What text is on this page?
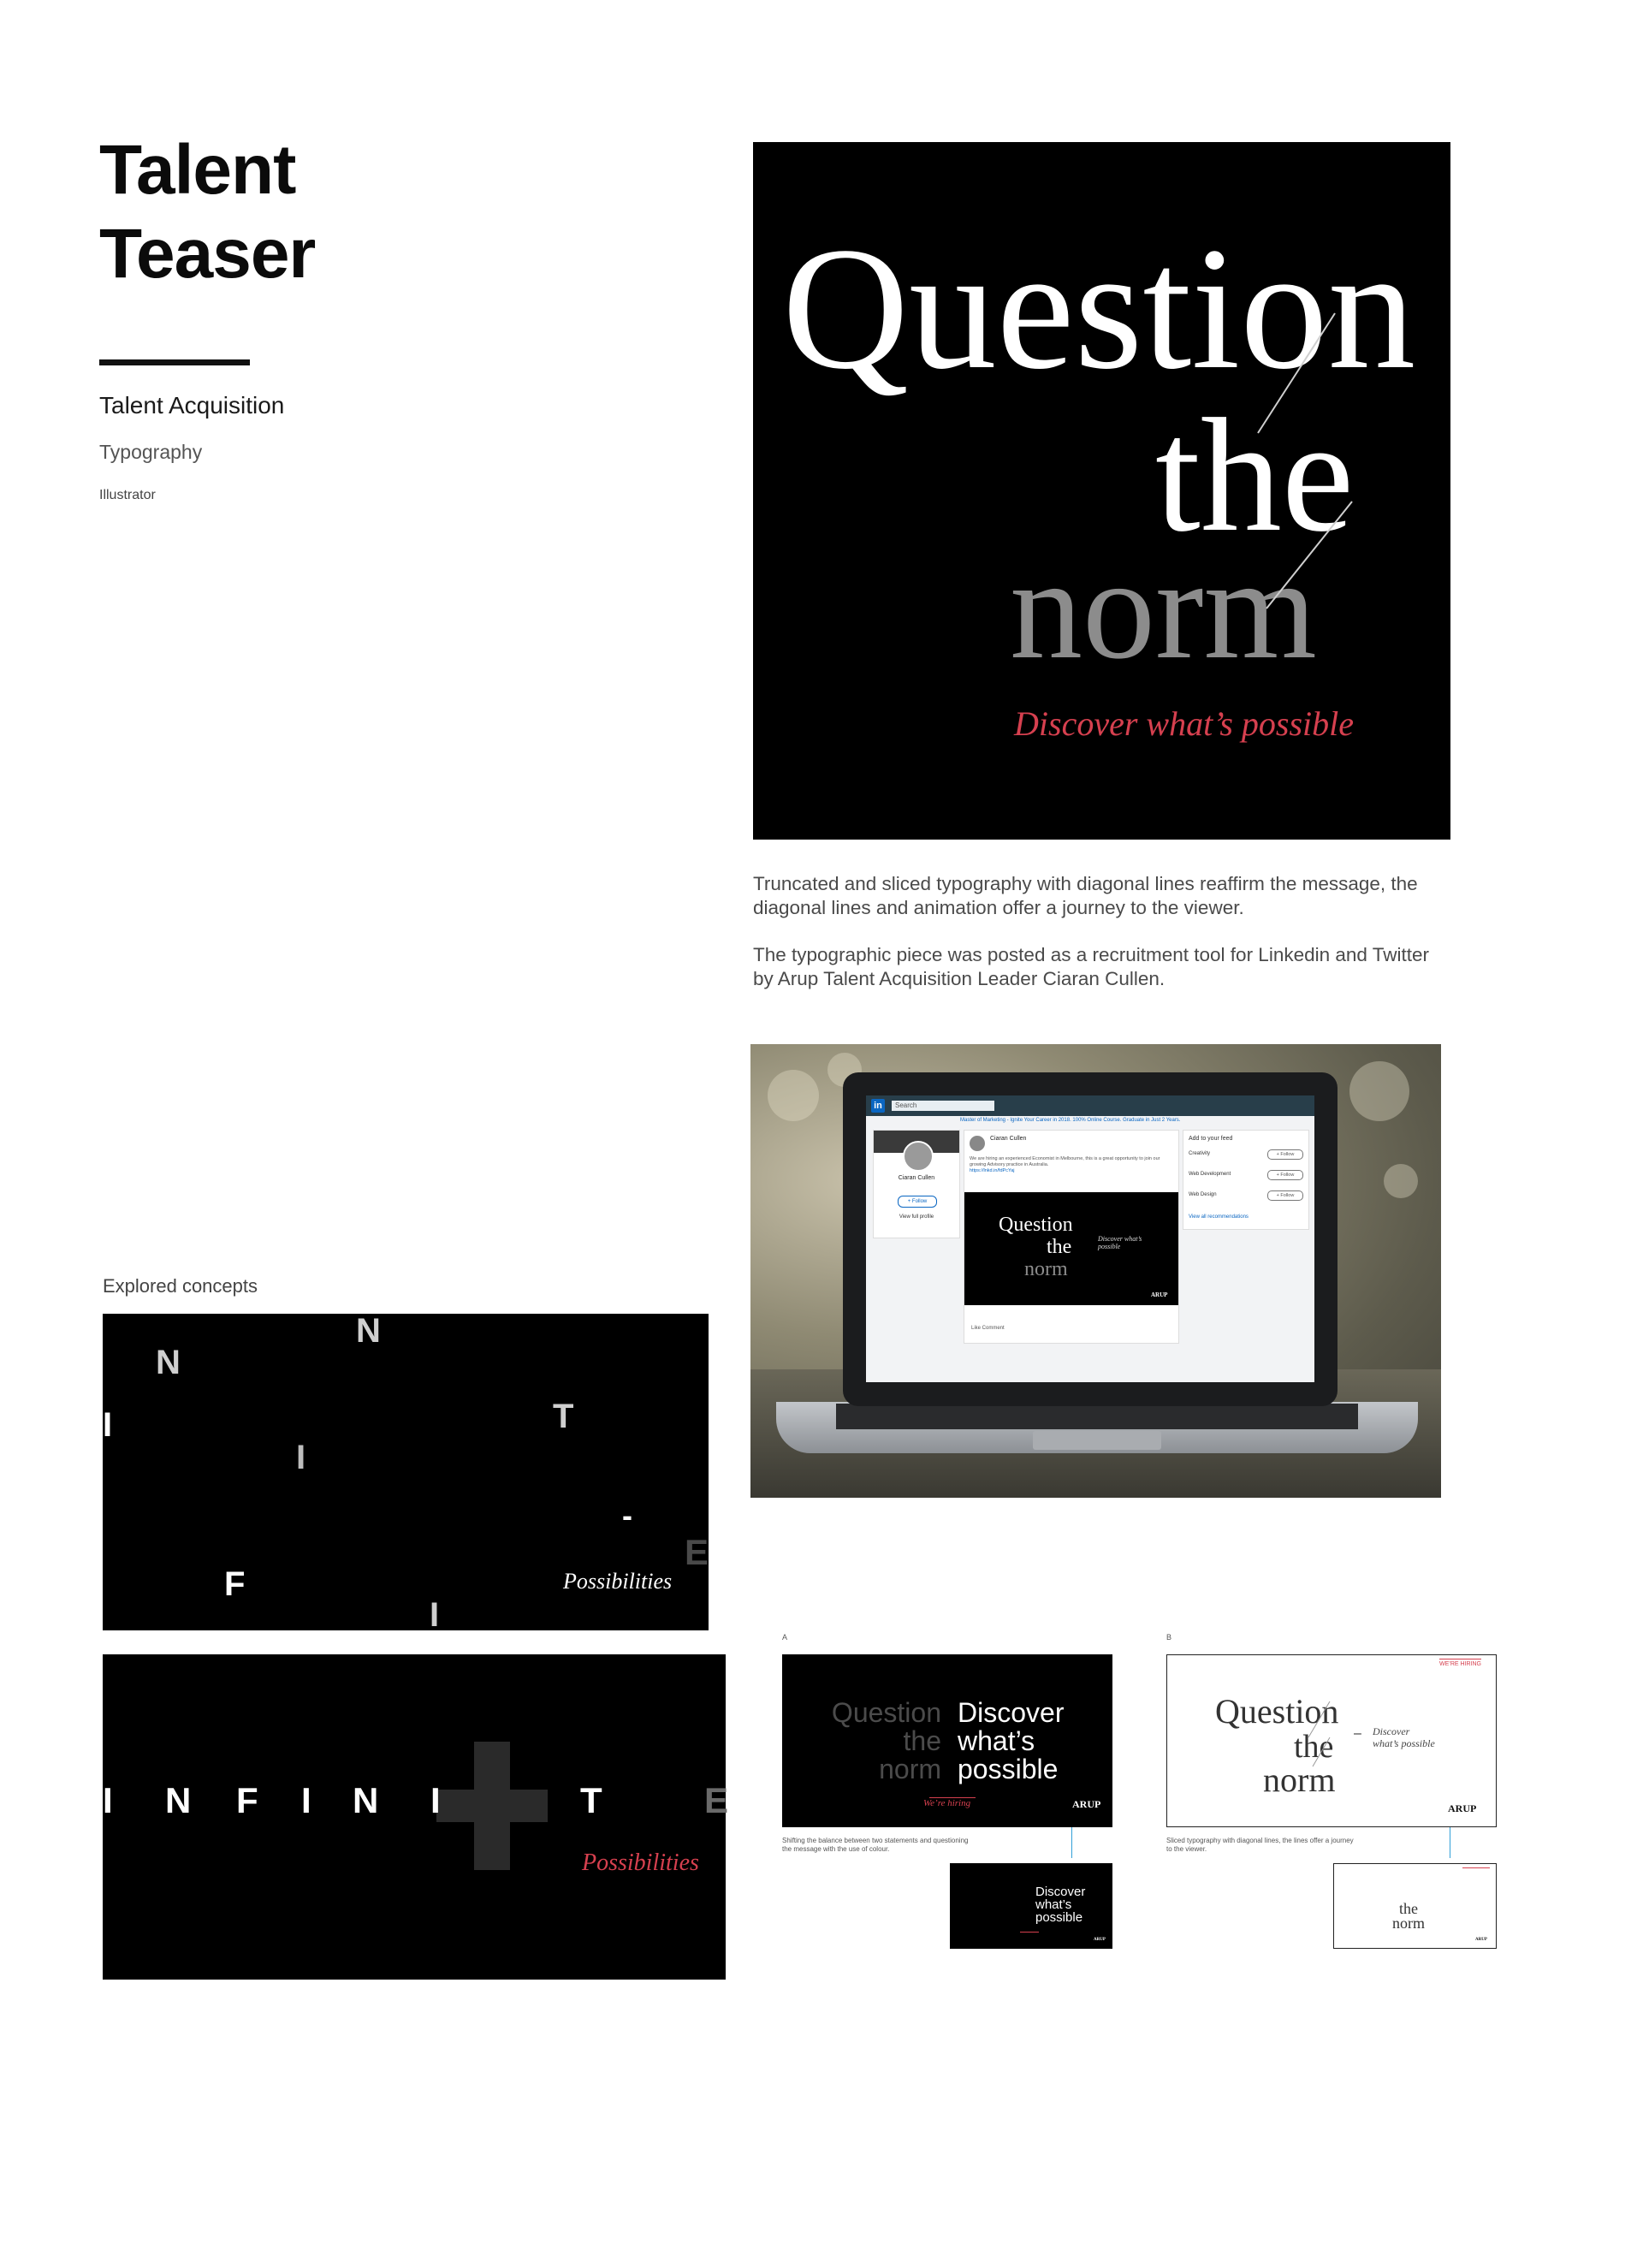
Talent
Teaser
Talent Acquisition
Typography
Illustrator
Question
the
norm
Discover what’s possible
Truncated and sliced typography with diagonal lines reaffirm the message, the diagonal lines and animation offer a journey to the viewer.
The typographic piece was posted as a recruitment tool for Linkedin and Twitter by Arup Talent Acquisition Leader Ciaran Cullen.
in	Search
Master of Marketing - Ignite Your Career in 2018. 100% Online Course. Graduate in Just 2 Years.
Ciaran Cullen
+ Follow
View full profile
Ciaran Cullen
We are hiring an experienced Economist in Melbourne, this is a great opportunity to join our growing Advisory practice in Australia.
https://lnkd.in/fdPcYaj
Question
the
norm
Discover what’s possible
ARUP
Like Comment
Add to your feed
Creativity	+ Follow
Web Development	+ Follow
Web Design	+ Follow
View all recommendations
Explored concepts
N
N
I
I
T
-
E
F
I
Possibilities
I N F I N I	T	E
Possibilities
A
Question
the
norm
Discover
what’s
possible
We’re hiring	ARUP
Shifting the balance between two statements and questioning the message with the use of colour.
Discover
what’s
possible
ARUP
B
WE’RE HIRING
Question
the
norm
– Discover
what’s possible
ARUP
Sliced typography with diagonal lines, the lines offer a journey to the viewer.
the
norm
ARUP
